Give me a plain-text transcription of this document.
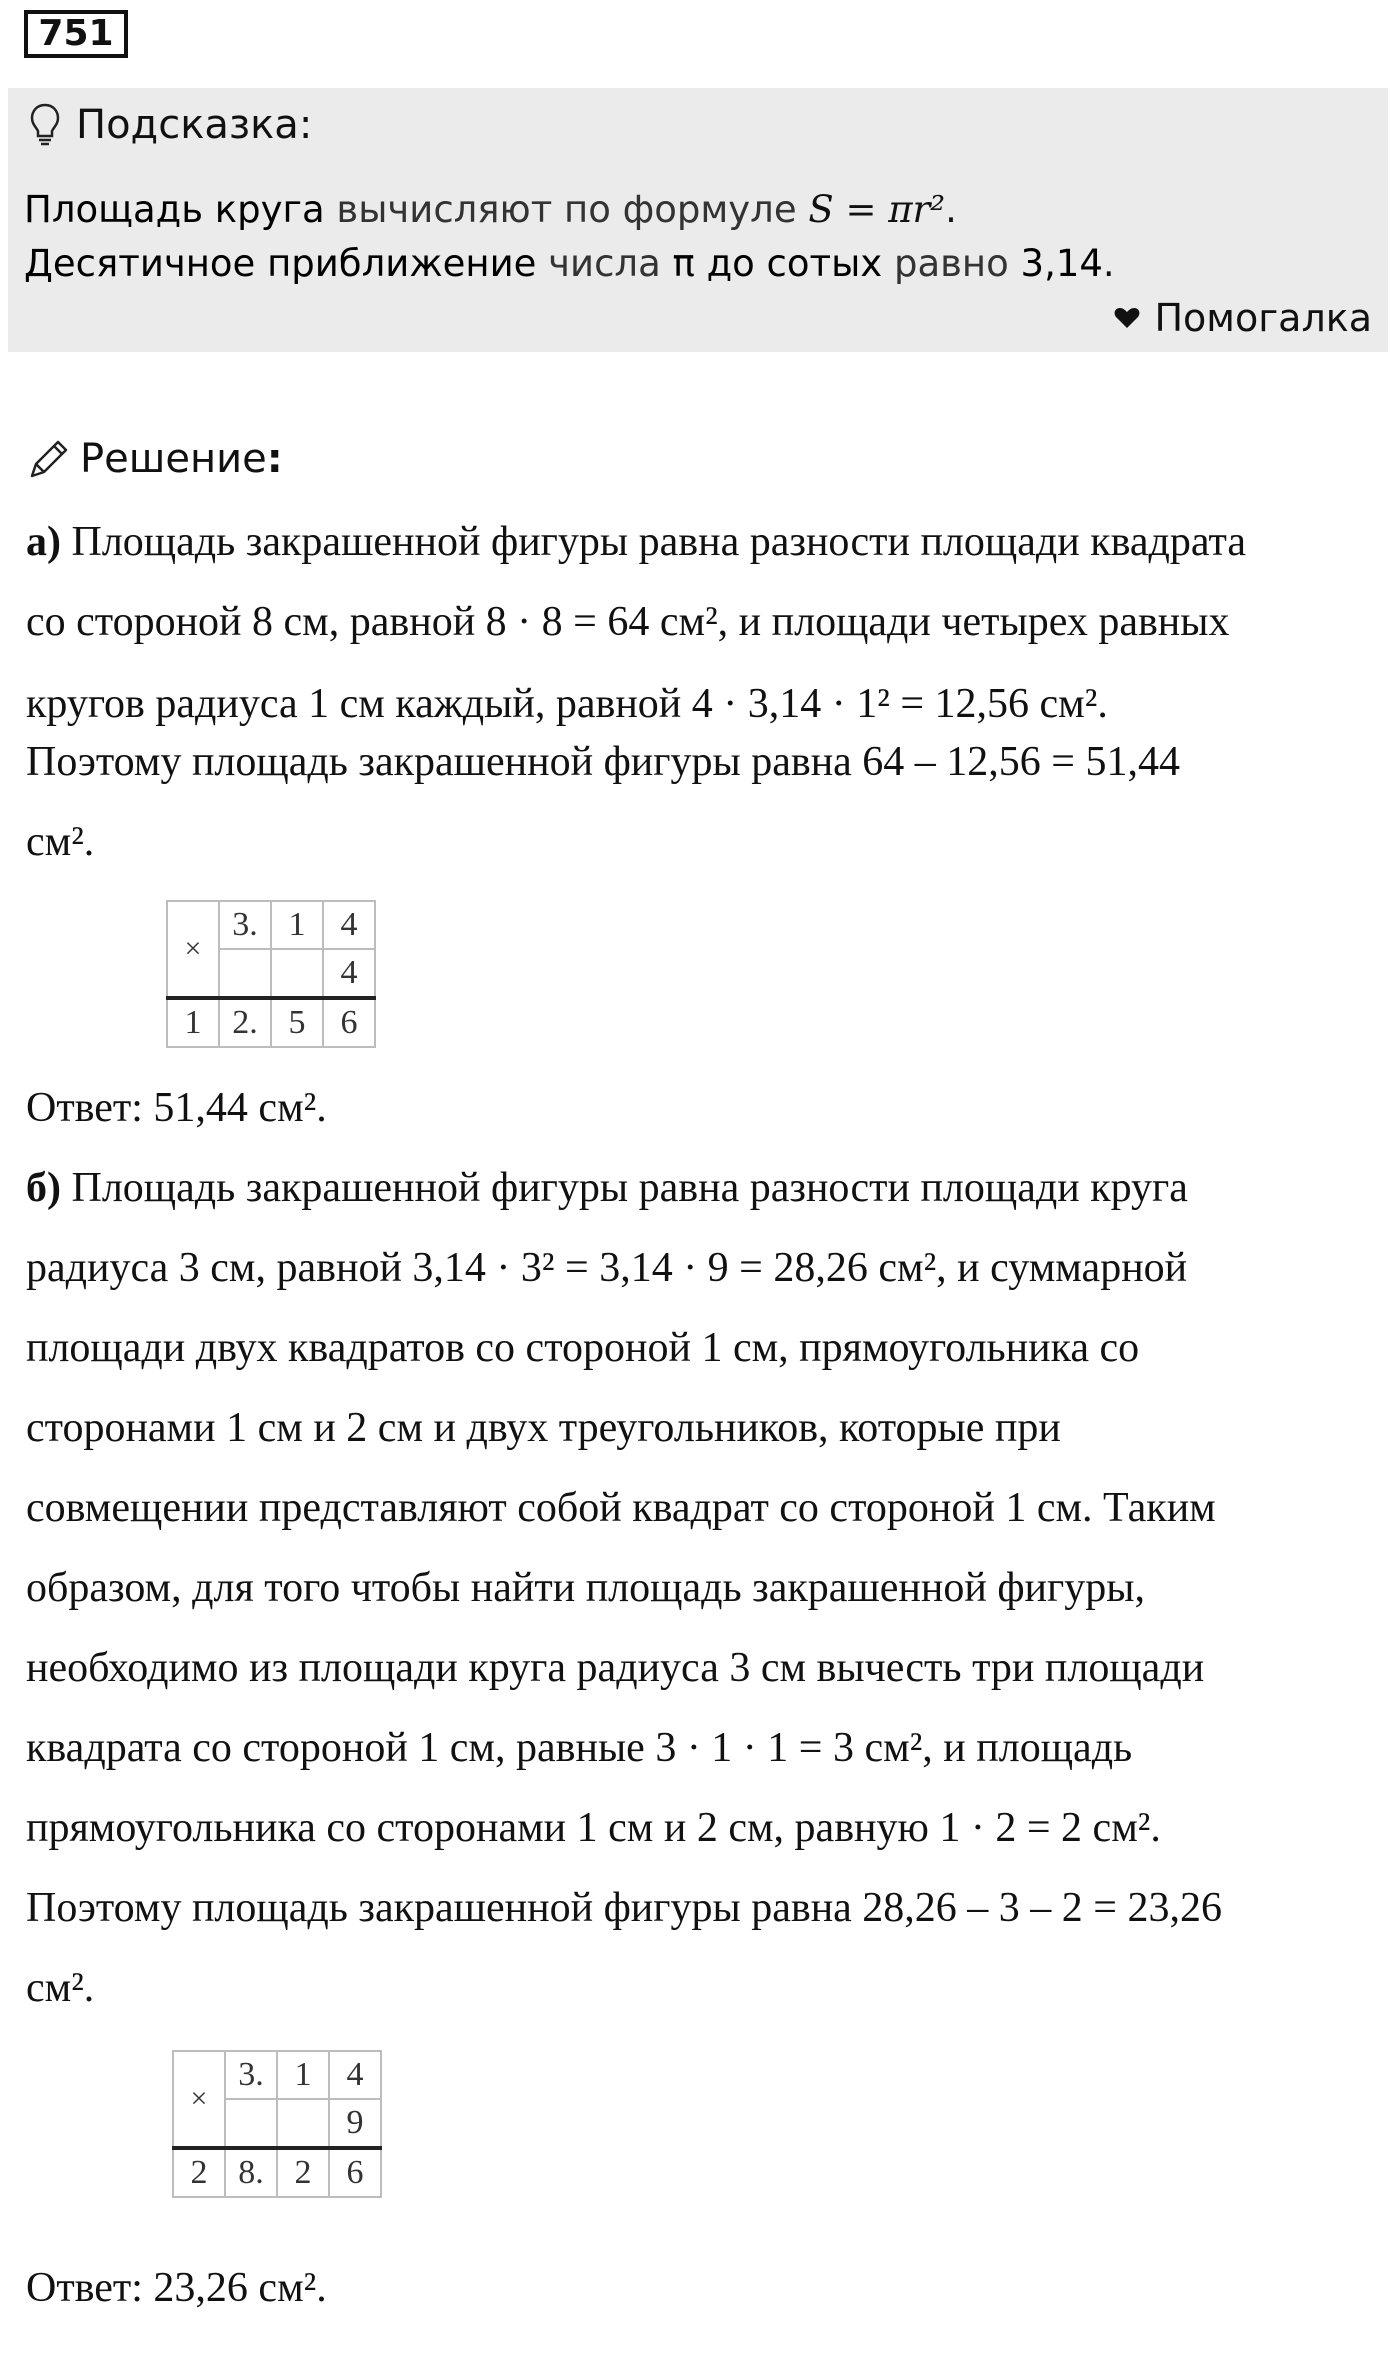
751
Подсказка:
Площадь круга вычисляют по формуле S = πr².
Десятичное приближение числа π до сотых равно 3,14.
Помогалка
Решение :
а) Площадь закрашенной фигуры равна разности площади квадрата
со стороной 8 см, равной 8 · 8 = 64 см², и площади четырех равных
кругов радиуса 1 см каждый, равной 4 · 3,14 · 1² = 12,56 см².
Поэтому площадь закрашенной фигуры равна 64 – 12,56 = 51,44
см².
×	3.	1	4
			4
1	2.	5	6
Ответ: 51,44 см².
б) Площадь закрашенной фигуры равна разности площади круга
радиуса 3 см, равной 3,14 · 3² = 3,14 · 9 = 28,26 см², и суммарной
площади двух квадратов со стороной 1 см, прямоугольника со
сторонами 1 см и 2 см и двух треугольников, которые при
совмещении представляют собой квадрат со стороной 1 см. Таким
образом, для того чтобы найти площадь закрашенной фигуры,
необходимо из площади круга радиуса 3 см вычесть три площади
квадрата со стороной 1 см, равные 3 · 1 · 1 = 3 см², и площадь
прямоугольника со сторонами 1 см и 2 см, равную 1 · 2 = 2 см².
Поэтому площадь закрашенной фигуры равна 28,26 – 3 – 2 = 23,26
см².
×	3.	1	4
			9
2	8.	2	6
Ответ: 23,26 см².
